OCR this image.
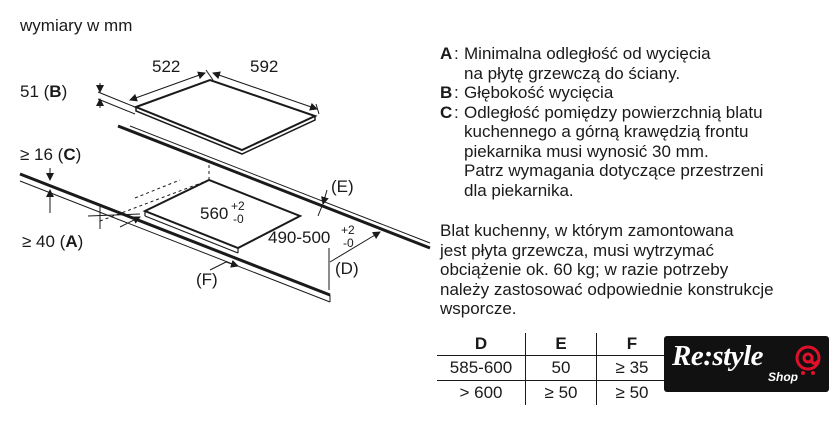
wymiary w mm
522	592
51 (B)
≥ 16 (C)
≥ 40 (A)
560 +2
-0
490-500 +2
-0
(E)
(D)
(F)
A : Minimalna odległość od wycięcia
na płytę grzewczą do ściany.
B : Głębokość wycięcia
C : Odległość pomiędzy powierzchnią blatu
kuchennego a górną krawędzią frontu
piekarnika musi wynosić 30 mm.
Patrz wymagania dotyczące przestrzeni
dla piekarnika.
Blat kuchenny, w którym zamontowana
jest płyta grzewcza, musi wytrzymać
obciążenie ok. 60 kg; w razie potrzeby
należy zastosować odpowiednie konstrukcje
wsporcze.
D	E	F
585-600	50	≥ 35
> 600	≥ 50	≥ 50
Re:style
Shop
